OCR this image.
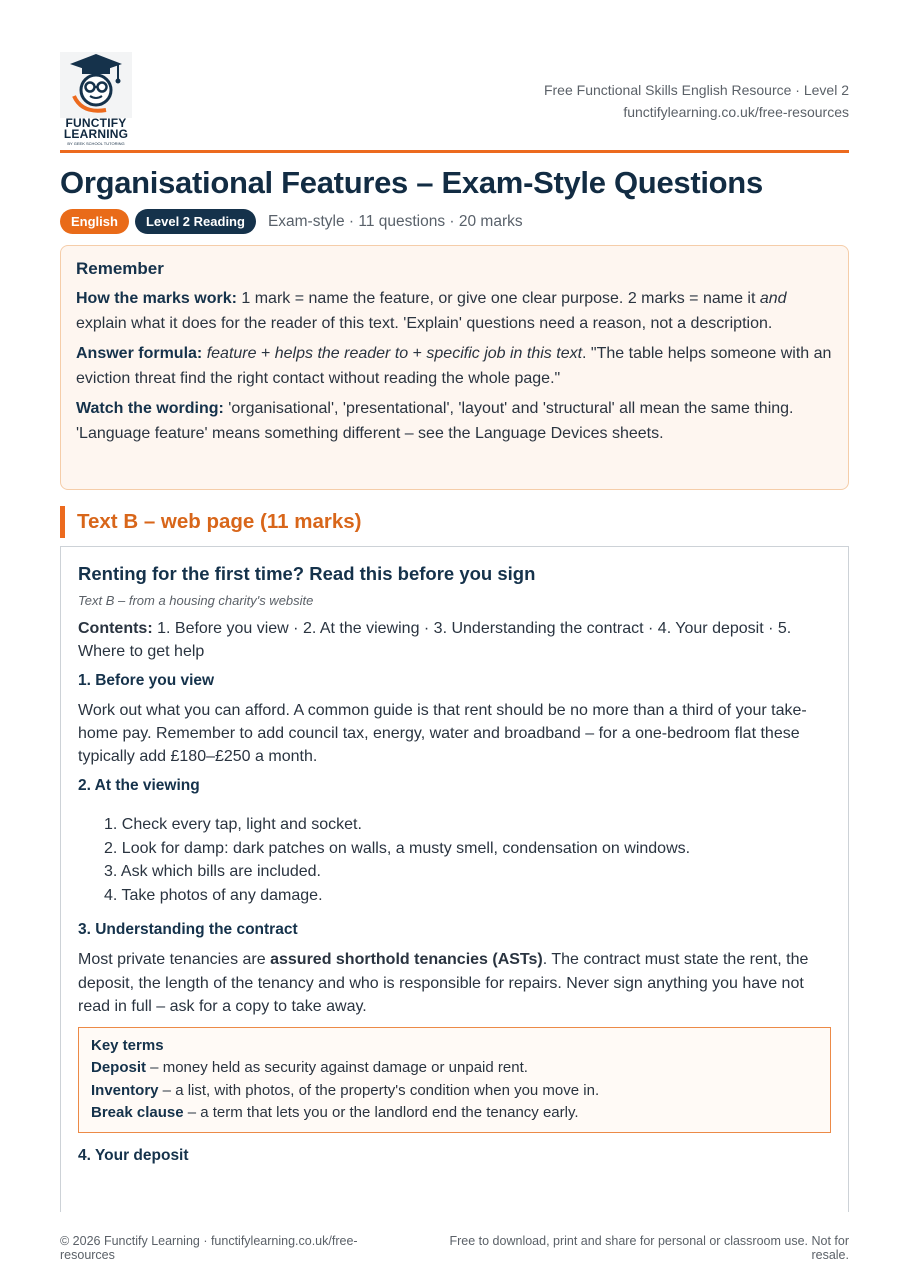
FUNCTIFY
LEARNING
BY GEEK SCHOOL TUTORING
Free Functional Skills English Resource · Level 2
functifylearning.co.uk/free-resources
Organisational Features – Exam-Style Questions
English	Level 2 Reading	Exam-style · 11 questions · 20 marks
Remember

How the marks work: 1 mark = name the feature, or give one clear purpose. 2 marks = name it and explain what it does for the reader of this text. 'Explain' questions need a reason, not a description.

Answer formula: feature + helps the reader to + specific job in this text. "The table helps someone with an eviction threat find the right contact without reading the whole page."

Watch the wording: 'organisational', 'presentational', 'layout' and 'structural' all mean the same thing. 'Language feature' means something different – see the Language Devices sheets.

Text B – web page (11 marks)
Renting for the first time? Read this before you sign
Text B – from a housing charity's website

Contents: 1. Before you view · 2. At the viewing · 3. Understanding the contract · 4. Your deposit · 5. Where to get help

1. Before you view

Work out what you can afford. A common guide is that rent should be no more than a third of your take-home pay. Remember to add council tax, energy, water and broadband – for a one-bedroom flat these typically add £180–£250 a month.

2. At the viewing
1. Check every tap, light and socket.
2. Look for damp: dark patches on walls, a musty smell, condensation on windows.
3. Ask which bills are included.
4. Take photos of any damage.
3. Understanding the contract

Most private tenancies are assured shorthold tenancies (ASTs). The contract must state the rent, the deposit, the length of the tenancy and who is responsible for repairs. Never sign anything you have not read in full – ask for a copy to take away.

Key terms
Deposit – money held as security against damage or unpaid rent.
Inventory – a list, with photos, of the property's condition when you move in.
Break clause – a term that lets you or the landlord end the tenancy early.
4. Your deposit
© 2026 Functify Learning · functifylearning.co.uk/free-resources
Free to download, print and share for personal or classroom use. Not for resale.
